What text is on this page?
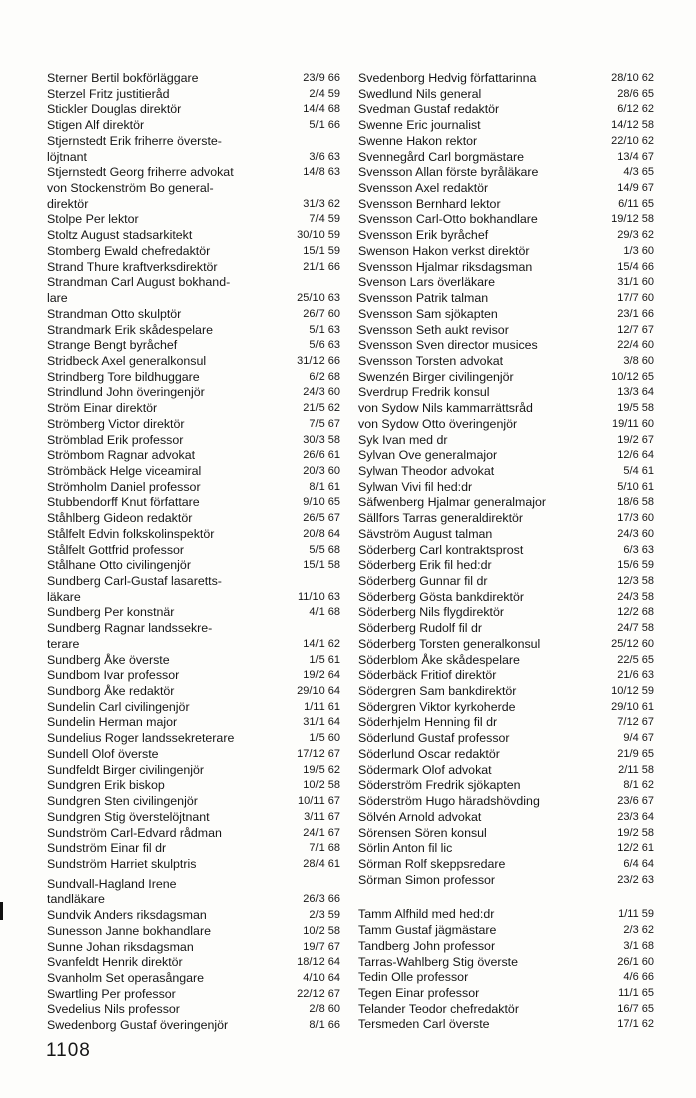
Sterner Bertil bokförläggare	23/9 66
Sterzel Fritz justitieråd	2/4 59
Stickler Douglas direktör	14/4 68
Stigen Alf direktör	5/1 66
Stjernstedt Erik friherre överste-
löjtnant	3/6 63
Stjernstedt Georg friherre advokat	14/8 63
von Stockenström Bo general-
direktör	31/3 62
Stolpe Per lektor	7/4 59
Stoltz August stadsarkitekt	30/10 59
Stomberg Ewald chefredaktör	15/1 59
Strand Thure kraftverksdirektör	21/1 66
Strandman Carl August bokhand-
lare	25/10 63
Strandman Otto skulptör	26/7 60
Strandmark Erik skådespelare	5/1 63
Strange Bengt byråchef	5/6 63
Stridbeck Axel generalkonsul	31/12 66
Strindberg Tore bildhuggare	6/2 68
Strindlund John överingenjör	24/3 60
Ström Einar direktör	21/5 62
Strömberg Victor direktör	7/5 67
Strömblad Erik professor	30/3 58
Strömbom Ragnar advokat	26/6 61
Strömbäck Helge viceamiral	20/3 60
Strömholm Daniel professor	8/1 61
Stubbendorff Knut författare	9/10 65
Ståhlberg Gideon redaktör	26/5 67
Stålfelt Edvin folkskolinspektör	20/8 64
Stålfelt Gottfrid professor	5/5 68
Stålhane Otto civilingenjör	15/1 58
Sundberg Carl-Gustaf lasaretts-
läkare	11/10 63
Sundberg Per konstnär	4/1 68
Sundberg Ragnar landssekre-
terare	14/1 62
Sundberg Åke överste	1/5 61
Sundbom Ivar professor	19/2 64
Sundborg Åke redaktör	29/10 64
Sundelin Carl civilingenjör	1/11 61
Sundelin Herman major	31/1 64
Sundelius Roger landssekreterare	1/5 60
Sundell Olof överste	17/12 67
Sundfeldt Birger civilingenjör	19/5 62
Sundgren Erik biskop	10/2 58
Sundgren Sten civilingenjör	10/11 67
Sundgren Stig överstelöjtnant	3/11 67
Sundström Carl-Edvard rådman	24/1 67
Sundström Einar fil dr	7/1 68
Sundström Harriet skulptris	28/4 61
Sundvall-Hagland Irene
tandläkare	26/3 66
Sundvik Anders riksdagsman	2/3 59
Sunesson Janne bokhandlare	10/2 58
Sunne Johan riksdagsman	19/7 67
Svanfeldt Henrik direktör	18/12 64
Svanholm Set operasångare	4/10 64
Swartling Per professor	22/12 67
Svedelius Nils professor	2/8 60
Swedenborg Gustaf överingenjör	8/1 66
Svedenborg Hedvig författarinna	28/10 62
Swedlund Nils general	28/6 65
Svedman Gustaf redaktör	6/12 62
Swenne Eric journalist	14/12 58
Swenne Hakon rektor	22/10 62
Svennegård Carl borgmästare	13/4 67
Svensson Allan förste byråläkare	4/3 65
Svensson Axel redaktör	14/9 67
Svensson Bernhard lektor	6/11 65
Svensson Carl-Otto bokhandlare	19/12 58
Svensson Erik byråchef	29/3 62
Swenson Hakon verkst direktör	1/3 60
Svensson Hjalmar riksdagsman	15/4 66
Svenson Lars överläkare	31/1 60
Svensson Patrik talman	17/7 60
Svensson Sam sjökapten	23/1 66
Svensson Seth aukt revisor	12/7 67
Svensson Sven director musices	22/4 60
Svensson Torsten advokat	3/8 60
Swenzén Birger civilingenjör	10/12 65
Sverdrup Fredrik konsul	13/3 64
von Sydow Nils kammarrättsråd	19/5 58
von Sydow Otto överingenjör	19/11 60
Syk Ivan med dr	19/2 67
Sylvan Ove generalmajor	12/6 64
Sylwan Theodor advokat	5/4 61
Sylwan Vivi fil hed:dr	5/10 61
Säfwenberg Hjalmar generalmajor	18/6 58
Sällfors Tarras generaldirektör	17/3 60
Sävström August talman	24/3 60
Söderberg Carl kontraktsprost	6/3 63
Söderberg Erik fil hed:dr	15/6 59
Söderberg Gunnar fil dr	12/3 58
Söderberg Gösta bankdirektör	24/3 58
Söderberg Nils flygdirektör	12/2 68
Söderberg Rudolf fil dr	24/7 58
Söderberg Torsten generalkonsul	25/12 60
Söderblom Åke skådespelare	22/5 65
Söderbäck Fritiof direktör	21/6 63
Södergren Sam bankdirektör	10/12 59
Södergren Viktor kyrkoherde	29/10 61
Söderhjelm Henning fil dr	7/12 67
Söderlund Gustaf professor	9/4 67
Söderlund Oscar redaktör	21/9 65
Södermark Olof advokat	2/11 58
Söderström Fredrik sjökapten	8/1 62
Söderström Hugo häradshövding	23/6 67
Sölvén Arnold advokat	23/3 64
Sörensen Sören konsul	19/2 58
Sörlin Anton fil lic	12/2 61
Sörman Rolf skeppsredare	6/4 64
Sörman Simon professor	23/2 63
Tamm Alfhild med hed:dr	1/11 59
Tamm Gustaf jägmästare	2/3 62
Tandberg John professor	3/1 68
Tarras-Wahlberg Stig överste	26/1 60
Tedin Olle professor	4/6 66
Tegen Einar professor	11/1 65
Telander Teodor chefredaktör	16/7 65
Tersmeden Carl överste	17/1 62
1108
